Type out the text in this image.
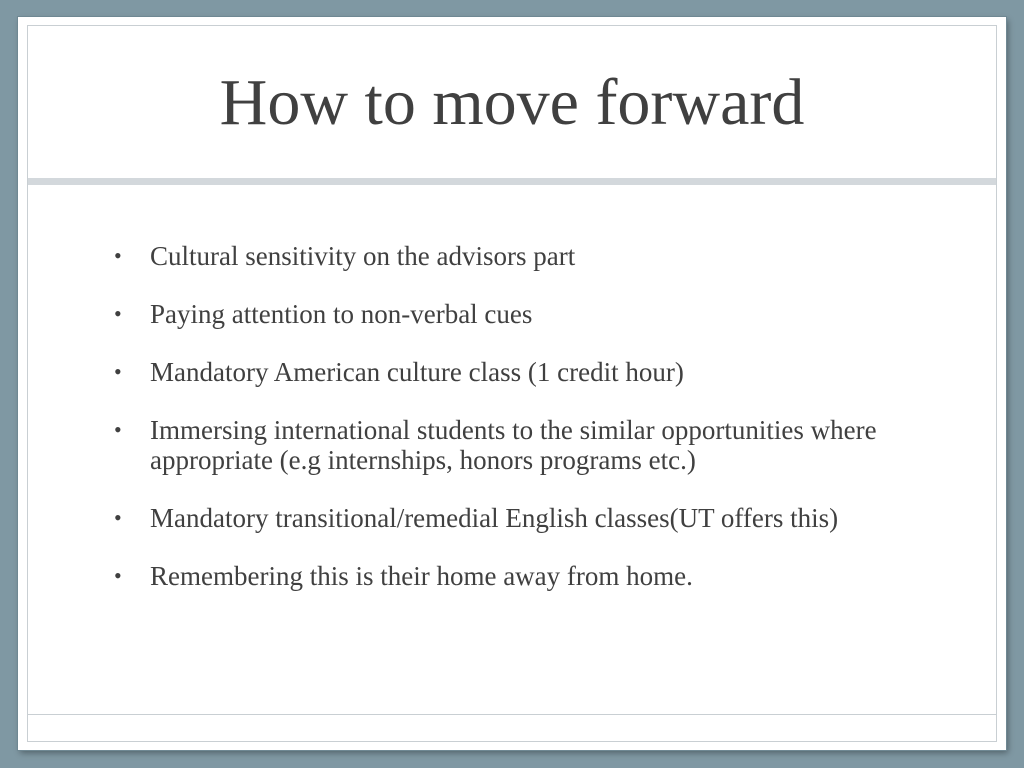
How to move forward
• Cultural sensitivity on the advisors part
• Paying attention to non-verbal cues
• Mandatory American culture class (1 credit hour)
• Immersing international students to the similar opportunities where appropriate (e.g internships, honors programs etc.)
• Mandatory transitional/remedial English classes(UT offers this)
• Remembering this is their home away from home.
